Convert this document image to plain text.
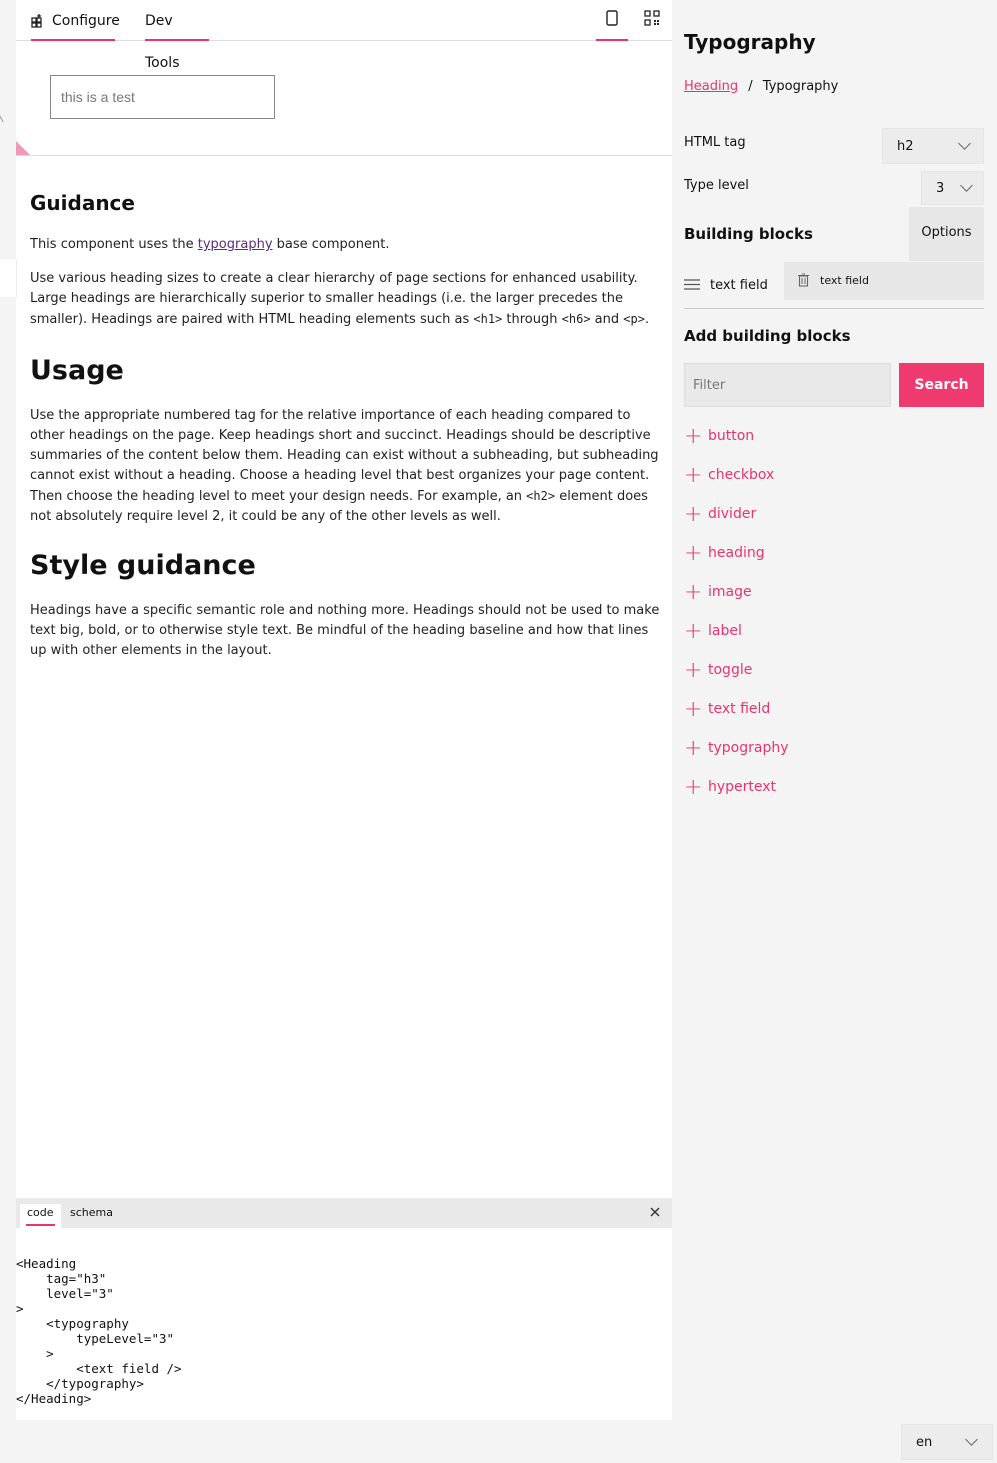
Configure Dev Tools
this is a test
Guidance

This component uses the typography base component.

Use various heading sizes to create a clear hierarchy of page sections for enhanced usability. Large headings are hierarchically superior to smaller headings (i.e. the larger precedes the smaller). Headings are paired with HTML heading elements such as <h1> through <h6> and <p>.

Usage

Use the appropriate numbered tag for the relative importance of each heading compared to other headings on the page. Keep headings short and succinct. Headings should be descriptive summaries of the content below them. Heading can exist without a subheading, but subheading cannot exist without a heading. Choose a heading level that best organizes your page content. Then choose the heading level to meet your design needs. For example, an <h2> element does not absolutely require level 2, it could be any of the other levels as well.

Style guidance

Headings have a specific semantic role and nothing more. Headings should not be used to make text big, bold, or to otherwise style text. Be mindful of the heading baseline and how that lines up with other elements in the layout.

code	schema
<Heading
tag="h3"
level="3"
>
<typography
typeLevel="3"
>
<text field />
</typography>
</Heading>
Typography
Heading / Typography
HTML tag	h2
Type level	3
Building blocks	Options
text field	text field
Add building blocks
Filter
Search
+ button
+ checkbox
+ divider
+ heading
+ image
+ label
+ toggle
+ text field
+ typography
+ hypertext
en
